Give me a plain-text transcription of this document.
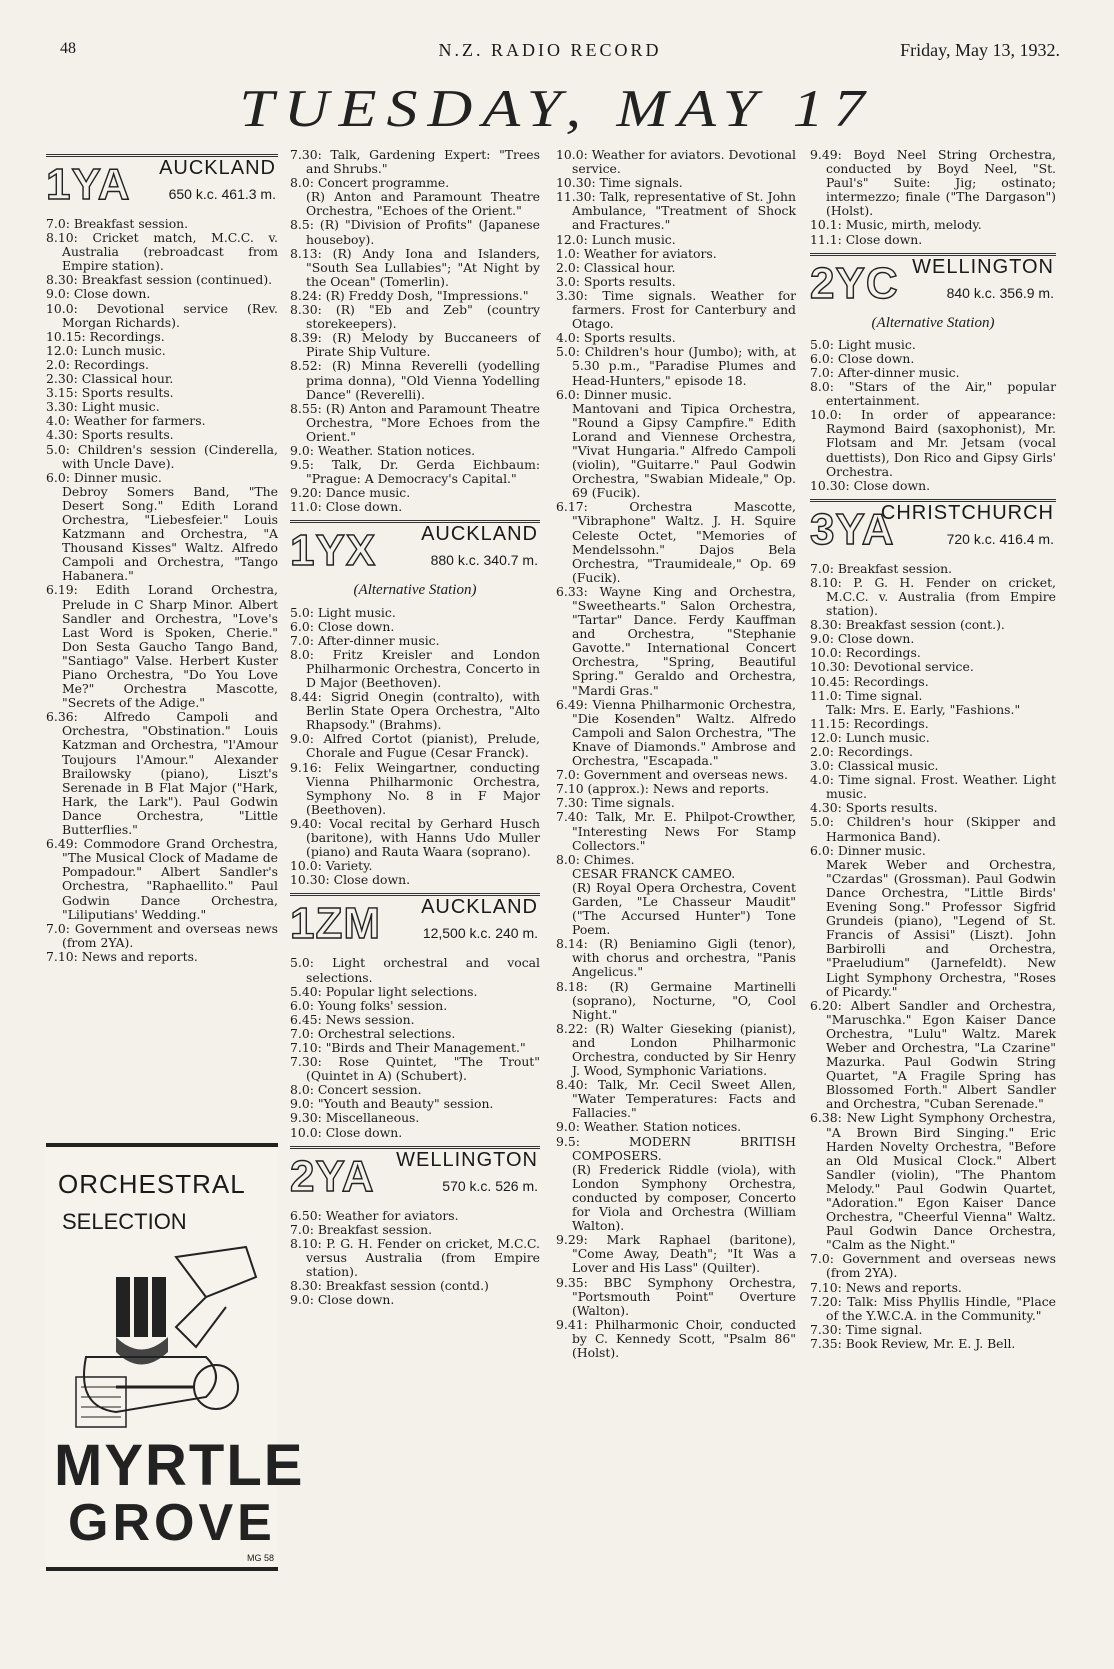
48	N.Z. RADIO RECORD	Friday, May 13, 1932.
TUESDAY, MAY 17
1YA AUCKLAND
650 k.c. 461.3 m.

7.0: Breakfast session.

8.10: Cricket match, M.C.C. v. Australia (rebroadcast from Empire station).

8.30: Breakfast session (continued).

9.0: Close down.

10.0: Devotional service (Rev. Morgan Richards).

10.15: Recordings.

12.0: Lunch music.

2.0: Recordings.

2.30: Classical hour.

3.15: Sports results.

3.30: Light music.

4.0: Weather for farmers.

4.30: Sports results.

5.0: Children's session (Cinderella, with Uncle Dave).

6.0: Dinner music.

Debroy Somers Band, "The Desert Song." Edith Lorand Orchestra, "Liebesfeier." Louis Katzmann and Orchestra, "A Thousand Kisses" Waltz. Alfredo Campoli and Orchestra, "Tango Habanera."

6.19: Edith Lorand Orchestra, Prelude in C Sharp Minor. Albert Sandler and Orchestra, "Love's Last Word is Spoken, Cherie." Don Sesta Gaucho Tango Band, "Santiago" Valse. Herbert Kuster Piano Orchestra, "Do You Love Me?" Orchestra Mascotte, "Secrets of the Adige."

6.36: Alfredo Campoli and Orchestra, "Obstination." Louis Katzman and Orchestra, "l'Amour Toujours l'Amour." Alexander Brailowsky (piano), Liszt's Serenade in B Flat Major ("Hark, Hark, the Lark"). Paul Godwin Dance Orchestra, "Little Butterflies."

6.49: Commodore Grand Orchestra, "The Musical Clock of Madame de Pompadour." Albert Sandler's Orchestra, "Raphaellito." Paul Godwin Dance Orchestra, "Liliputians' Wedding."

7.0: Government and overseas news (from 2YA).

7.10: News and reports.

ORCHESTRAL
SELECTION
MYRTLE
GROVE
MG 58

7.30: Talk, Gardening Expert: "Trees and Shrubs."

8.0: Concert programme.

(R) Anton and Paramount Theatre Orchestra, "Echoes of the Orient."

8.5: (R) "Division of Profits" (Japanese houseboy).

8.13: (R) Andy Iona and Islanders, "South Sea Lullabies"; "At Night by the Ocean" (Tomerlin).

8.24: (R) Freddy Dosh, "Impressions."

8.30: (R) "Eb and Zeb" (country storekeepers).

8.39: (R) Melody by Buccaneers of Pirate Ship Vulture.

8.52: (R) Minna Reverelli (yodelling prima donna), "Old Vienna Yodelling Dance" (Reverelli).

8.55: (R) Anton and Paramount Theatre Orchestra, "More Echoes from the Orient."

9.0: Weather. Station notices.

9.5: Talk, Dr. Gerda Eichbaum: "Prague: A Democracy's Capital."

9.20: Dance music.

11.0: Close down.

1YX AUCKLAND
880 k.c. 340.7 m.
(Alternative Station)

5.0: Light music.

6.0: Close down.

7.0: After-dinner music.

8.0: Fritz Kreisler and London Philharmonic Orchestra, Concerto in D Major (Beethoven).

8.44: Sigrid Onegin (contralto), with Berlin State Opera Orchestra, "Alto Rhapsody." (Brahms).

9.0: Alfred Cortot (pianist), Prelude, Chorale and Fugue (Cesar Franck).

9.16: Felix Weingartner, conducting Vienna Philharmonic Orchestra, Symphony No. 8 in F Major (Beethoven).

9.40: Vocal recital by Gerhard Husch (baritone), with Hanns Udo Muller (piano) and Rauta Waara (soprano).

10.0: Variety.

10.30: Close down.

1ZM AUCKLAND
12,500 k.c. 240 m.

5.0: Light orchestral and vocal selections.

5.40: Popular light selections.

6.0: Young folks' session.

6.45: News session.

7.0: Orchestral selections.

7.10: "Birds and Their Management."

7.30: Rose Quintet, "The Trout" (Quintet in A) (Schubert).

8.0: Concert session.

9.0: "Youth and Beauty" session.

9.30: Miscellaneous.

10.0: Close down.

2YA WELLINGTON
570 k.c. 526 m.

6.50: Weather for aviators.

7.0: Breakfast session.

8.10: P. G. H. Fender on cricket, M.C.C. versus Australia (from Empire station).

8.30: Breakfast session (contd.)

9.0: Close down.

10.0: Weather for aviators. Devotional service.

10.30: Time signals.

11.30: Talk, representative of St. John Ambulance, "Treatment of Shock and Fractures."

12.0: Lunch music.

1.0: Weather for aviators.

2.0: Classical hour.

3.0: Sports results.

3.30: Time signals. Weather for farmers. Frost for Canterbury and Otago.

4.0: Sports results.

5.0: Children's hour (Jumbo); with, at 5.30 p.m., "Paradise Plumes and Head-Hunters," episode 18.

6.0: Dinner music.

Mantovani and Tipica Orchestra, "Round a Gipsy Campfire." Edith Lorand and Viennese Orchestra, "Vivat Hungaria." Alfredo Campoli (violin), "Guitarre." Paul Godwin Orchestra, "Swabian Mideale," Op. 69 (Fucik).

6.17: Orchestra Mascotte, "Vibraphone" Waltz. J. H. Squire Celeste Octet, "Memories of Mendelssohn." Dajos Bela Orchestra, "Traumideale," Op. 69 (Fucik).

6.33: Wayne King and Orchestra, "Sweethearts." Salon Orchestra, "Tartar" Dance. Ferdy Kauffman and Orchestra, "Stephanie Gavotte." International Concert Orchestra, "Spring, Beautiful Spring." Geraldo and Orchestra, "Mardi Gras."

6.49: Vienna Philharmonic Orchestra, "Die Kosenden" Waltz. Alfredo Campoli and Salon Orchestra, "The Knave of Diamonds." Ambrose and Orchestra, "Escapada."

7.0: Government and overseas news.

7.10 (approx.): News and reports.

7.30: Time signals.

7.40: Talk, Mr. E. Philpot-Crowther, "Interesting News For Stamp Collectors."

8.0: Chimes.

CESAR FRANCK CAMEO.

(R) Royal Opera Orchestra, Covent Garden, "Le Chasseur Maudit" ("The Accursed Hunter") Tone Poem.

8.14: (R) Beniamino Gigli (tenor), with chorus and orchestra, "Panis Angelicus."

8.18: (R) Germaine Martinelli (soprano), Nocturne, "O, Cool Night."

8.22: (R) Walter Gieseking (pianist), and London Philharmonic Orchestra, conducted by Sir Henry J. Wood, Symphonic Variations.

8.40: Talk, Mr. Cecil Sweet Allen, "Water Temperatures: Facts and Fallacies."

9.0: Weather. Station notices.

9.5: MODERN BRITISH COMPOSERS.

(R) Frederick Riddle (viola), with London Symphony Orchestra, conducted by composer, Concerto for Viola and Orchestra (William Walton).

9.29: Mark Raphael (baritone), "Come Away, Death"; "It Was a Lover and His Lass" (Quilter).

9.35: BBC Symphony Orchestra, "Portsmouth Point" Overture (Walton).

9.41: Philharmonic Choir, conducted by C. Kennedy Scott, "Psalm 86" (Holst).

9.49: Boyd Neel String Orchestra, conducted by Boyd Neel, "St. Paul's" Suite: Jig; ostinato; intermezzo; finale ("The Dargason") (Holst).

10.1: Music, mirth, melody.

11.1: Close down.

2YC WELLINGTON
840 k.c. 356.9 m.
(Alternative Station)

5.0: Light music.

6.0: Close down.

7.0: After-dinner music.

8.0: "Stars of the Air," popular entertainment.

10.0: In order of appearance: Raymond Baird (saxophonist), Mr. Flotsam and Mr. Jetsam (vocal duettists), Don Rico and Gipsy Girls' Orchestra.

10.30: Close down.

3YA
CHRISTCHURCH
720 k.c. 416.4 m.

7.0: Breakfast session.

8.10: P. G. H. Fender on cricket, M.C.C. v. Australia (from Empire station).

8.30: Breakfast session (cont.).

9.0: Close down.

10.0: Recordings.

10.30: Devotional service.

10.45: Recordings.

11.0: Time signal.

Talk: Mrs. E. Early, "Fashions."

11.15: Recordings.

12.0: Lunch music.

2.0: Recordings.

3.0: Classical music.

4.0: Time signal. Frost. Weather. Light music.

4.30: Sports results.

5.0: Children's hour (Skipper and Harmonica Band).

6.0: Dinner music.

Marek Weber and Orchestra, "Czardas" (Grossman). Paul Godwin Dance Orchestra, "Little Birds' Evening Song." Professor Sigfrid Grundeis (piano), "Legend of St. Francis of Assisi" (Liszt). John Barbirolli and Orchestra, "Praeludium" (Jarnefeldt). New Light Symphony Orchestra, "Roses of Picardy."

6.20: Albert Sandler and Orchestra, "Maruschka." Egon Kaiser Dance Orchestra, "Lulu" Waltz. Marek Weber and Orchestra, "La Czarine" Mazurka. Paul Godwin String Quartet, "A Fragile Spring has Blossomed Forth." Albert Sandler and Orchestra, "Cuban Serenade."

6.38: New Light Symphony Orchestra, "A Brown Bird Singing." Eric Harden Novelty Orchestra, "Before an Old Musical Clock." Albert Sandler (violin), "The Phantom Melody." Paul Godwin Quartet, "Adoration." Egon Kaiser Dance Orchestra, "Cheerful Vienna" Waltz. Paul Godwin Dance Orchestra, "Calm as the Night."

7.0: Government and overseas news (from 2YA).

7.10: News and reports.

7.20: Talk: Miss Phyllis Hindle, "Place of the Y.W.C.A. in the Community."

7.30: Time signal.

7.35: Book Review, Mr. E. J. Bell.
